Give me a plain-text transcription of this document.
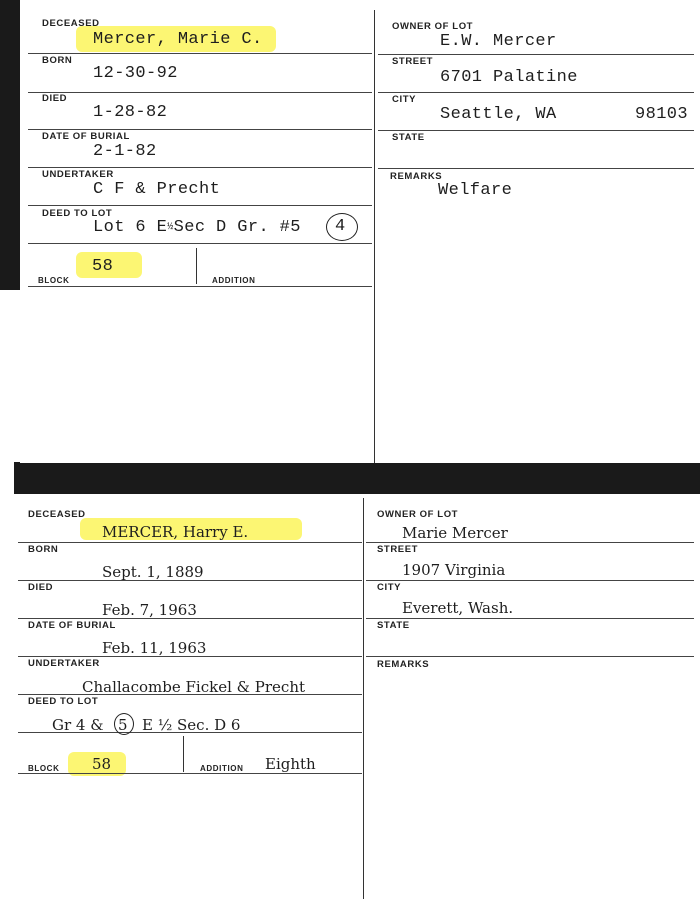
DECEASED
Mercer, Marie C.
BORN
12-30-92
DIED
1-28-82
DATE OF BURIAL
2-1-82
UNDERTAKER
C F & Precht
DEED TO LOT
Lot 6 E½Sec D Gr. #5 4
58
BLOCK	ADDITION
OWNER OF LOT
E.W. Mercer
STREET
6701 Palatine
CITY
Seattle, WA	98103
STATE
REMARKS
Welfare
DECEASED
MERCER, Harry E.
BORN
Sept. 1, 1889
DIED
Feb. 7, 1963
DATE OF BURIAL
Feb. 11, 1963
UNDERTAKER
Challacombe Fickel & Precht
DEED TO LOT
Gr 4 & 5 E ½ Sec. D 6
58
BLOCK	ADDITION Eighth
OWNER OF LOT
Marie Mercer
STREET
1907 Virginia
CITY
Everett, Wash.
STATE
REMARKS
